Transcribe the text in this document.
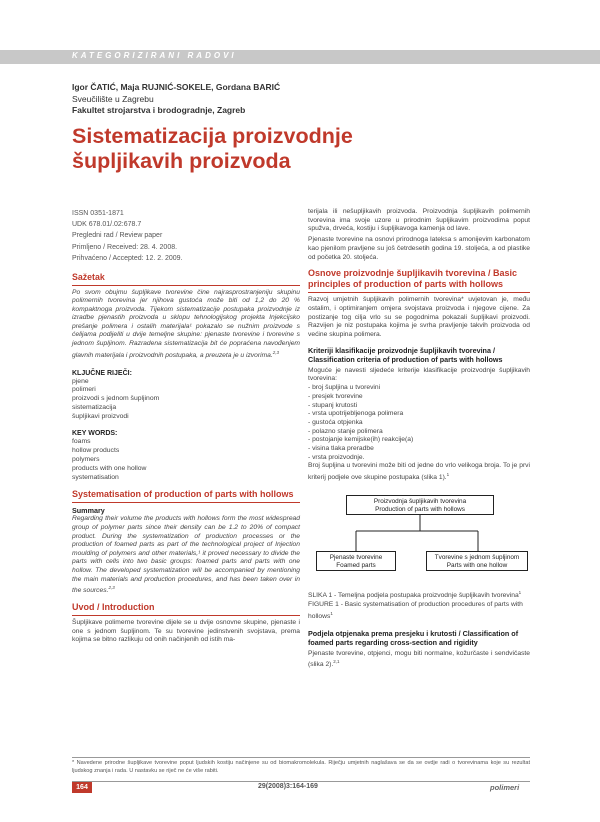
KATEGORIZIRANI RADOVI
Igor ČATIĆ, Maja RUJNIĆ-SOKELE, Gordana BARIĆ
Sveučilište u Zagrebu
Fakultet strojarstva i brodogradnje, Zagreb
Sistematizacija proizvodnje
šupljikavih proizvoda
ISSN 0351-1871
UDK 678.01/.02:678.7
Pregledni rad / Review paper
Primljeno / Received: 28. 4. 2008.
Prihvaćeno / Accepted: 12. 2. 2009.
Sažetak
Po svom obujmu šupljikave tvorevine čine najrasprostranjeniju skupinu polimernih tvorevina jer njihova gustoća može biti od 1,2 do 20 % kompaktnoga proizvoda. Tijekom sistematizacije postupaka proizvodnje iz izradbe pjenastih proizvoda u sklopu tehnologijskog projekta Injekcijsko prešanje polimera i ostalih materijala¹ pokazalo se nužnim proizvode s ćelijama podijeliti u dvije temeljne skupine: pjenaste tvorevine i tvorevine s jednom šupljinom. Razradena sistematizacija bit će popraćena navođenjem glavnih materijala i proizvodnih postupaka, a preuzeta je u izvorima.$^{2,3}$
KLJUČNE RIJEČI:
pjene
polimeri
proizvodi s jednom šupljinom
sistematizacija
šupljikavi proizvodi
KEY WORDS:
foams
hollow products
polymers
products with one hollow
systematisation
Systematisation of production of parts with hollows
Summary
Regarding their volume the products with hollows form the most widespread group of polymer parts since their density can be 1.2 to 20% of compact product. During the systematization of production processes or the production of foamed parts as part of the technological project of Injection moulding of polymers and other materials,¹ it proved necessary to divide the parts with cells into two basic groups: foamed parts and parts with one hollow. The developed systematization will be accompanied by mentioning the main materials and production procedures, and has been taken over in the sources.$^{2,3}$
Uvod / Introduction
Šupljikave polimerne tvorevine dijele se u dvije osnovne skupine, pjenaste i one s jednom šupljinom. Te su tvorevine jedinstvenih svojstava, prema kojima se bitno razlikuju od onih načinjenih od istih ma-
terijala ili nešupljikavih proizvoda. Proizvodnja šupljikavih polimernih tvorevina ima svoje uzore u prirodnim šupljikavim proizvodima poput spužva, drveća, kostiju i šupljikavoga kamenja od lave.
Pjenaste tvorevine na osnovi prirodnoga lateksa s amonijevim karbonatom kao pjenilom pravljene su još četrdesetih godina 19. stoljeća, a od plastike od početka 20. stoljeća.
Osnove proizvodnje šupljikavih tvorevina / Basic principles of production of parts with hollows
Razvoj umjetnih šupljikavih polimernih tvorevina* uvjetovan je, među ostalim, i optimiranjem omjera svojstava proizvoda i njegove cijene. Za postizanje tog cilja vrlo su se pogodnima pokazali šupljikavi proizvodi. Razvijen je niz postupaka kojima je svrha pravljenje takvih proizvoda od većine skupina polimera.
Kriteriji klasifikacije proizvodnje šupljikavih tvorevina / Classification criteria of production of parts with hollows
Moguće je navesti sljedeće kriterije klasifikacije proizvodnje šupljikavih tvorevina:
- broj šupljina u tvorevini
- presjek tvorevine
- stupanj krutosti
- vrsta upotrijebljenoga polimera
- gustoća otpjenka
- polazno stanje polimera
- postojanje kemijske(ih) reakcije(a)
- visina tlaka preradbe
- vrsta proizvodnje.
Broj šupljina u tvorevini može biti od jedne do vrlo velikoga broja. To je prvi kriterij podjele ove skupine postupaka (slika 1).$^1$
Proizvodnja šupljikavih tvorevina
Production of parts with hollows
Pjenaste tvorevine
Foamed parts
Tvorevine s jednom šupljinom
Parts with one hollow
SLIKA 1 - Temeljna podjela postupaka proizvodnje šupljikavih tvorevina$^1$
FIGURE 1 - Basic systematisation of production procedures of parts with hollows$^1$
Podjela otpjenaka prema presjeku i krutosti / Classification of foamed parts regarding cross-section and rigidity
Pjenaste tvorevine, otpjenci, mogu biti normalne, kožurčaste i sendvičaste (slika 2).$^{2,1}$
* Navedene prirodne šupljikave tvorevine poput ljudskih kostiju načinjene su od biomakromolekula. Riječju umjetnih naglašava se da se ovdje radi o tvorevinama koje su rezultat ljudskog znanja i rada. U nastavku se riječ ne će više rabiti.
164	29(2008)3:164-169	polimeri
